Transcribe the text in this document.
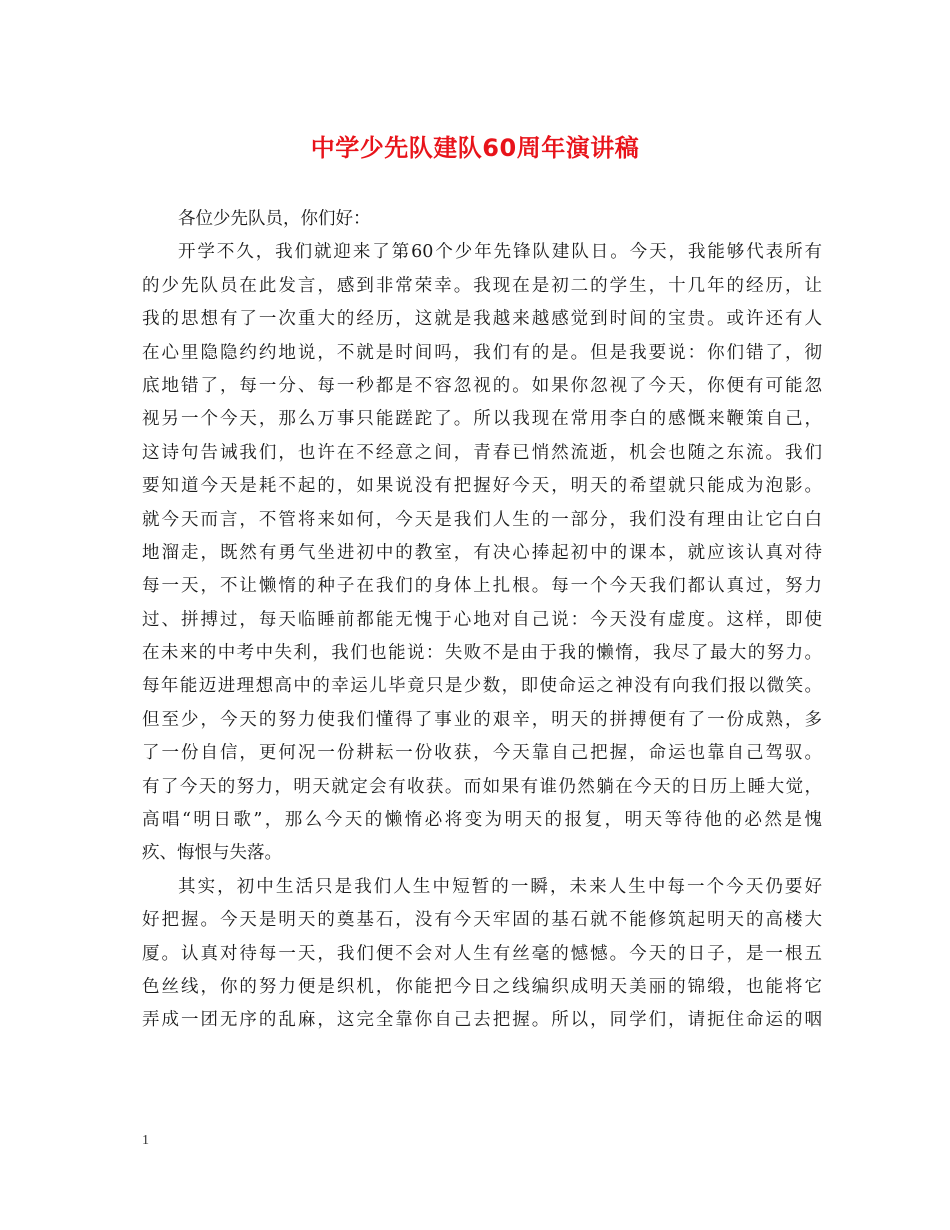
中学少先队建队60周年演讲稿
各位少先队员，你们好：
开学不久，我们就迎来了第60个少年先锋队建队日。今天，我能够代表所有
的少先队员在此发言，感到非常荣幸。我现在是初二的学生，十几年的经历，让
我的思想有了一次重大的经历，这就是我越来越感觉到时间的宝贵。或许还有人
在心里隐隐约约地说，不就是时间吗，我们有的是。但是我要说：你们错了，彻
底地错了，每一分、每一秒都是不容忽视的。如果你忽视了今天，你便有可能忽
视另一个今天，那么万事只能蹉跎了。所以我现在常用李白的感慨来鞭策自己，
这诗句告诫我们，也许在不经意之间，青春已悄然流逝，机会也随之东流。我们
要知道今天是耗不起的，如果说没有把握好今天，明天的希望就只能成为泡影。
就今天而言，不管将来如何，今天是我们人生的一部分，我们没有理由让它白白
地溜走，既然有勇气坐进初中的教室，有决心捧起初中的课本，就应该认真对待
每一天，不让懒惰的种子在我们的身体上扎根。每一个今天我们都认真过，努力
过、拼搏过，每天临睡前都能无愧于心地对自己说：今天没有虚度。这样，即使
在未来的中考中失利，我们也能说：失败不是由于我的懒惰，我尽了最大的努力。
每年能迈进理想高中的幸运儿毕竟只是少数，即使命运之神没有向我们报以微笑。
但至少，今天的努力使我们懂得了事业的艰辛，明天的拼搏便有了一份成熟，多
了一份自信，更何况一份耕耘一份收获，今天靠自己把握，命运也靠自己驾驭。
有了今天的努力，明天就定会有收获。而如果有谁仍然躺在今天的日历上睡大觉，
高唱“明日歌”，那么今天的懒惰必将变为明天的报复，明天等待他的必然是愧
疚、悔恨与失落。
其实，初中生活只是我们人生中短暂的一瞬，未来人生中每一个今天仍要好
好把握。今天是明天的奠基石，没有今天牢固的基石就不能修筑起明天的高楼大
厦。认真对待每一天，我们便不会对人生有丝毫的憾憾。今天的日子，是一根五
色丝线，你的努力便是织机，你能把今日之线编织成明天美丽的锦缎，也能将它
弄成一团无序的乱麻，这完全靠你自己去把握。所以，同学们，请扼住命运的咽
1
